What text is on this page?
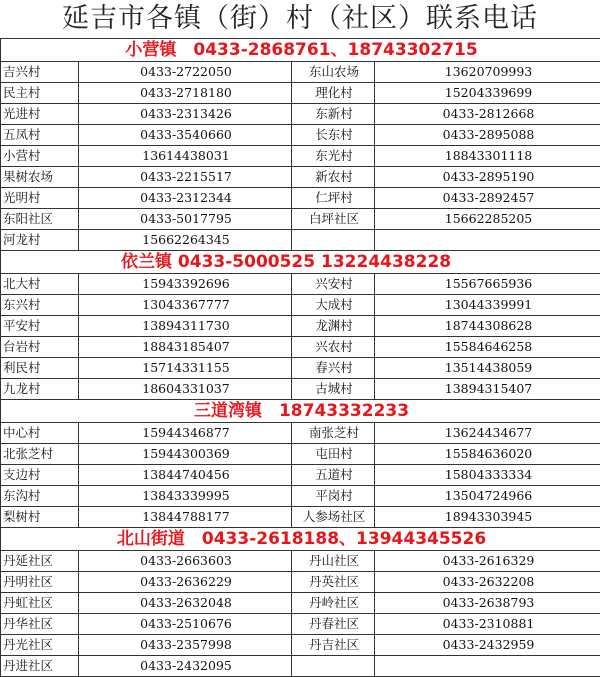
延吉市各镇（街）村（社区）联系电话
小营镇　0433-2868761、18743302715			
吉兴村	0433-2722050	东山农场	13620709993
民主村	0433-2718180	理化村	15204339699
光进村	0433-2313426	东新村	0433-2812668
五凤村	0433-3540660	长东村	0433-2895088
小营村	13614438031	东光村	18843301118
果树农场	0433-2215517	新农村	0433-2895190
光明村	0433-2312344	仁坪村	0433-2892457
东阳社区	0433-5017795	白坪社区	15662285205
河龙村	15662264345		
依兰镇 0433-5000525 13224438228			
北大村	15943392696	兴安村	15567665936
东兴村	13043367777	大成村	13044339991
平安村	13894311730	龙渊村	18744308628
台岩村	18843185407	兴农村	15584646258
利民村	15714331155	春兴村	13514438059
九龙村	18604331037	古城村	13894315407
三道湾镇　18743332233			
中心村	15944346877	南张芝村	13624434677
北张芝村	15944300369	屯田村	15584636020
支边村	13844740456	五道村	15804333334
东沟村	13843339995	平岗村	13504724966
梨树村	13844788177	人参场社区	18943303945
北山街道　0433-2618188、13944345526			
丹延社区	0433-2663603	丹山社区	0433-2616329
丹明社区	0433-2636229	丹英社区	0433-2632208
丹虹社区	0433-2632048	丹岭社区	0433-2638793
丹华社区	0433-2510676	丹春社区	0433-2310881
丹光社区	0433-2357998	丹吉社区	0433-2432959
丹进社区	0433-2432095		
